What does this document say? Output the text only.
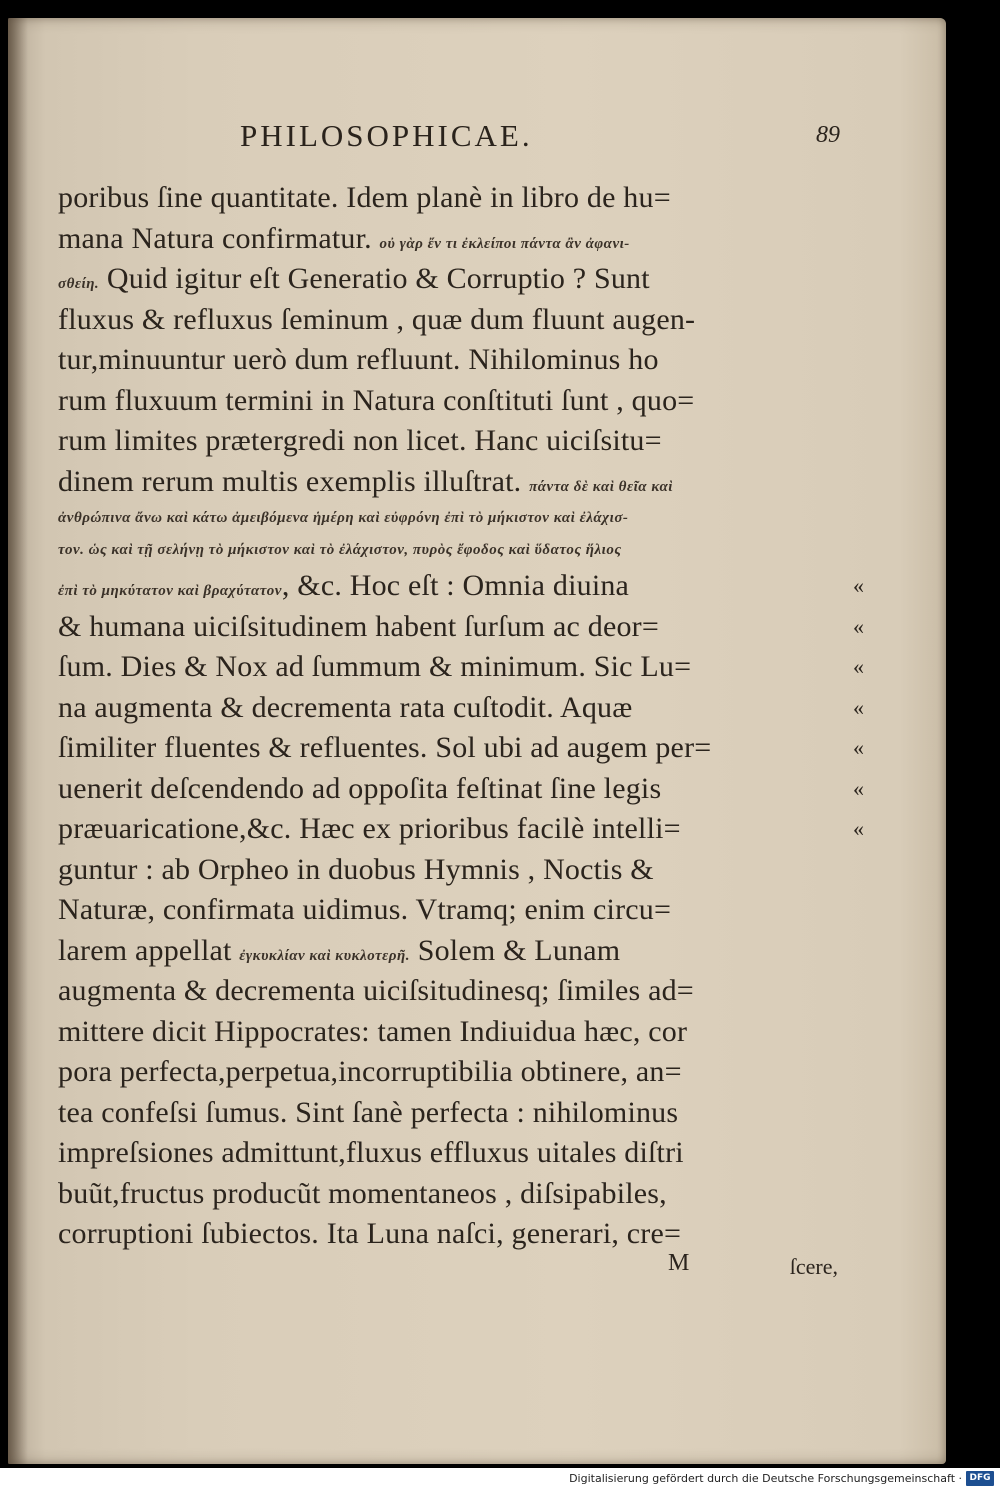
PHILOSOPHICAE.	89
poribus ſine quantitate. Idem planè in libro de hu=
mana Natura confirmatur. οὐ γὰρ ἔν τι ἐκλείποι πάντα ἂν ἀφανι-
σθείη. Quid igitur eſt Generatio & Corruptio ? Sunt
fluxus & refluxus ſeminum , quæ dum fluunt augen-
tur,minuuntur uerò dum refluunt. Nihilominus ho
rum fluxuum termini in Natura conſtituti ſunt , quo=
rum limites prætergredi non licet. Hanc uiciſsitu=
dinem rerum multis exemplis illuſtrat. πάντα δὲ καὶ θεῖα καὶ
ἀνθρώπινα ἄνω καὶ κάτω ἀμειβόμενα ἡμέρη καὶ εὐφρόνη ἐπὶ τὸ μήκιστον καὶ ἐλάχισ-
τον. ὡς καὶ τῇ σελήνῃ τὸ μήκιστον καὶ τὸ ἐλάχιστον, πυρὸς ἔφοδος καὶ ὕδατος ἥλιος
ἐπὶ τὸ μηκύτατον καὶ βραχύτατον, &c. Hoc eſt : Omnia diuina	«
& humana uiciſsitudinem habent ſurſum ac deor=	«
ſum. Dies & Nox ad ſummum & minimum. Sic Lu=	«
na augmenta & decrementa rata cuſtodit. Aquæ	«
ſimiliter fluentes & refluentes. Sol ubi ad augem per=	«
uenerit deſcendendo ad oppoſita feſtinat ſine legis	«
præuaricatione,&c. Hæc ex prioribus facilè intelli=	«
guntur : ab Orpheo in duobus Hymnis , Noctis &
Naturæ, confirmata uidimus. Vtramq; enim circu=
larem appellat ἐγκυκλίαν καὶ κυκλοτερῆ. Solem & Lunam
augmenta & decrementa uiciſsitudinesq; ſimiles ad=
mittere dicit Hippocrates: tamen Indiuidua hæc, cor
pora perfecta,perpetua,incorruptibilia obtinere, an=
tea confeſsi ſumus. Sint ſanè perfecta : nihilominus
impreſsiones admittunt,fluxus effluxus uitales diſtri
buũt,fructus producũt momentaneos , diſsipabiles,
corruptioni ſubiectos. Ita Luna naſci, generari, cre=
M	ſcere,
Digitalisierung gefördert durch die Deutsche Forschungsgemeinschaft · DFG
